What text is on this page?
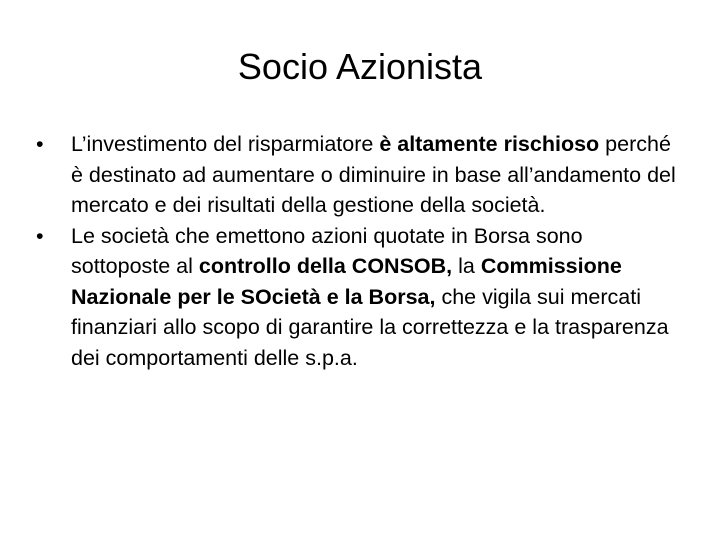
Socio Azionista
•	L’investimento del risparmiatore è altamente rischioso perché è destinato ad aumentare o diminuire in base all’andamento del mercato e dei risultati della gestione della società.
•	Le società che emettono azioni quotate in Borsa sono sottoposte al controllo della CONSOB, la Commissione Nazionale per le SOcietà e la Borsa, che vigila sui mercati finanziari allo scopo di garantire la correttezza e la trasparenza dei comportamenti delle s.p.a.
